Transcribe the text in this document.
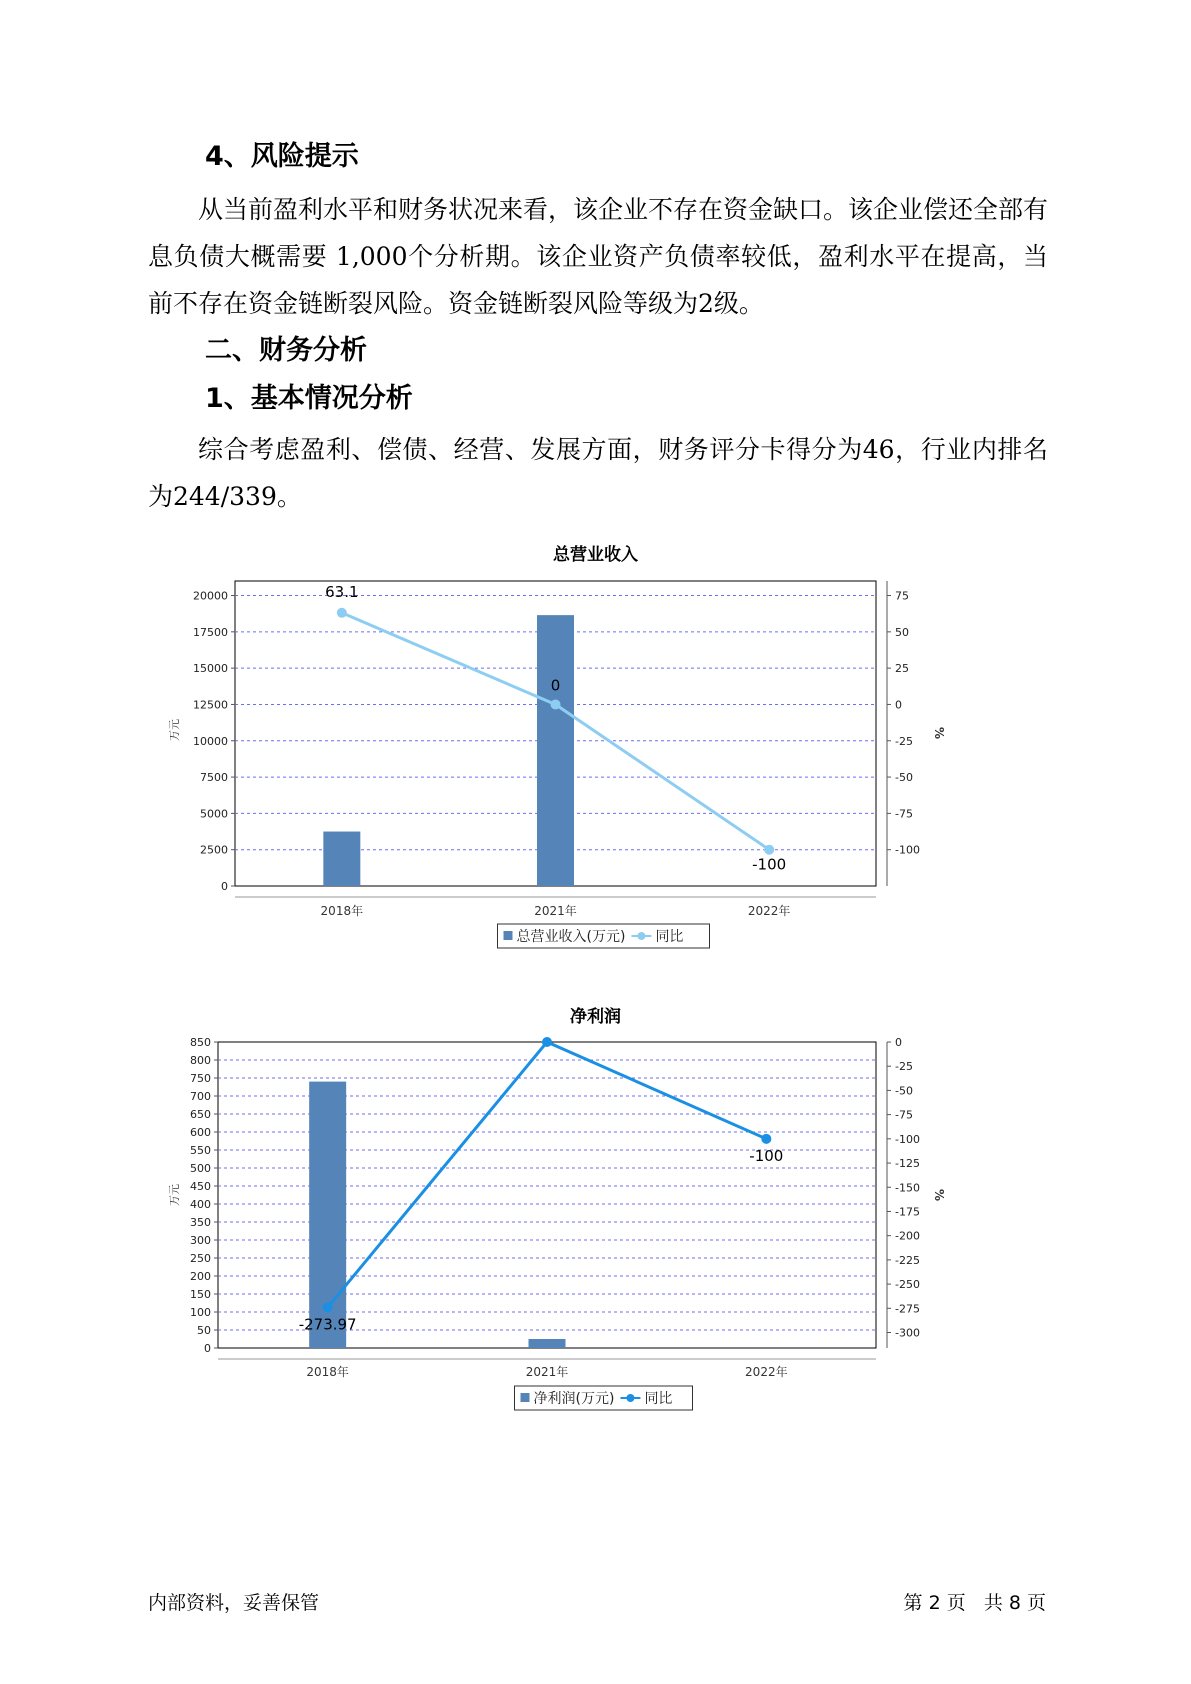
4、风险提示

从当前盈利水平和财务状况来看，该企业不存在资金缺口。该企业偿还全部有息负债大概需要 1,000个分析期。该企业资产负债率较低，盈利水平在提高，当前不存在资金链断裂风险。资金链断裂风险等级为2级。

二、财务分析
1、基本情况分析

综合考虑盈利、偿债、经营、发展方面，财务评分卡得分为46，行业内排名为244/339。

总营业收入
0
2500
5000
7500
10000
12500
15000
17500
20000	75
50
25
0
-25
-50
-75
-100
万元	%
2018年	2021年	2022年
63.1
0
-100
总营业收入(万元) 同比
净利润
0
50
100
150
200
250
300
350
400
450
500
550
600
650
700
750
800
850	0
-25
-50
-75
-100
-125
-150
-175
-200
-225
-250
-275
-300
万元	%
2018年	2021年	2022年
-273.97
-100
净利润(万元) 同比
内部资料，妥善保管	第 2 页   共 8 页
